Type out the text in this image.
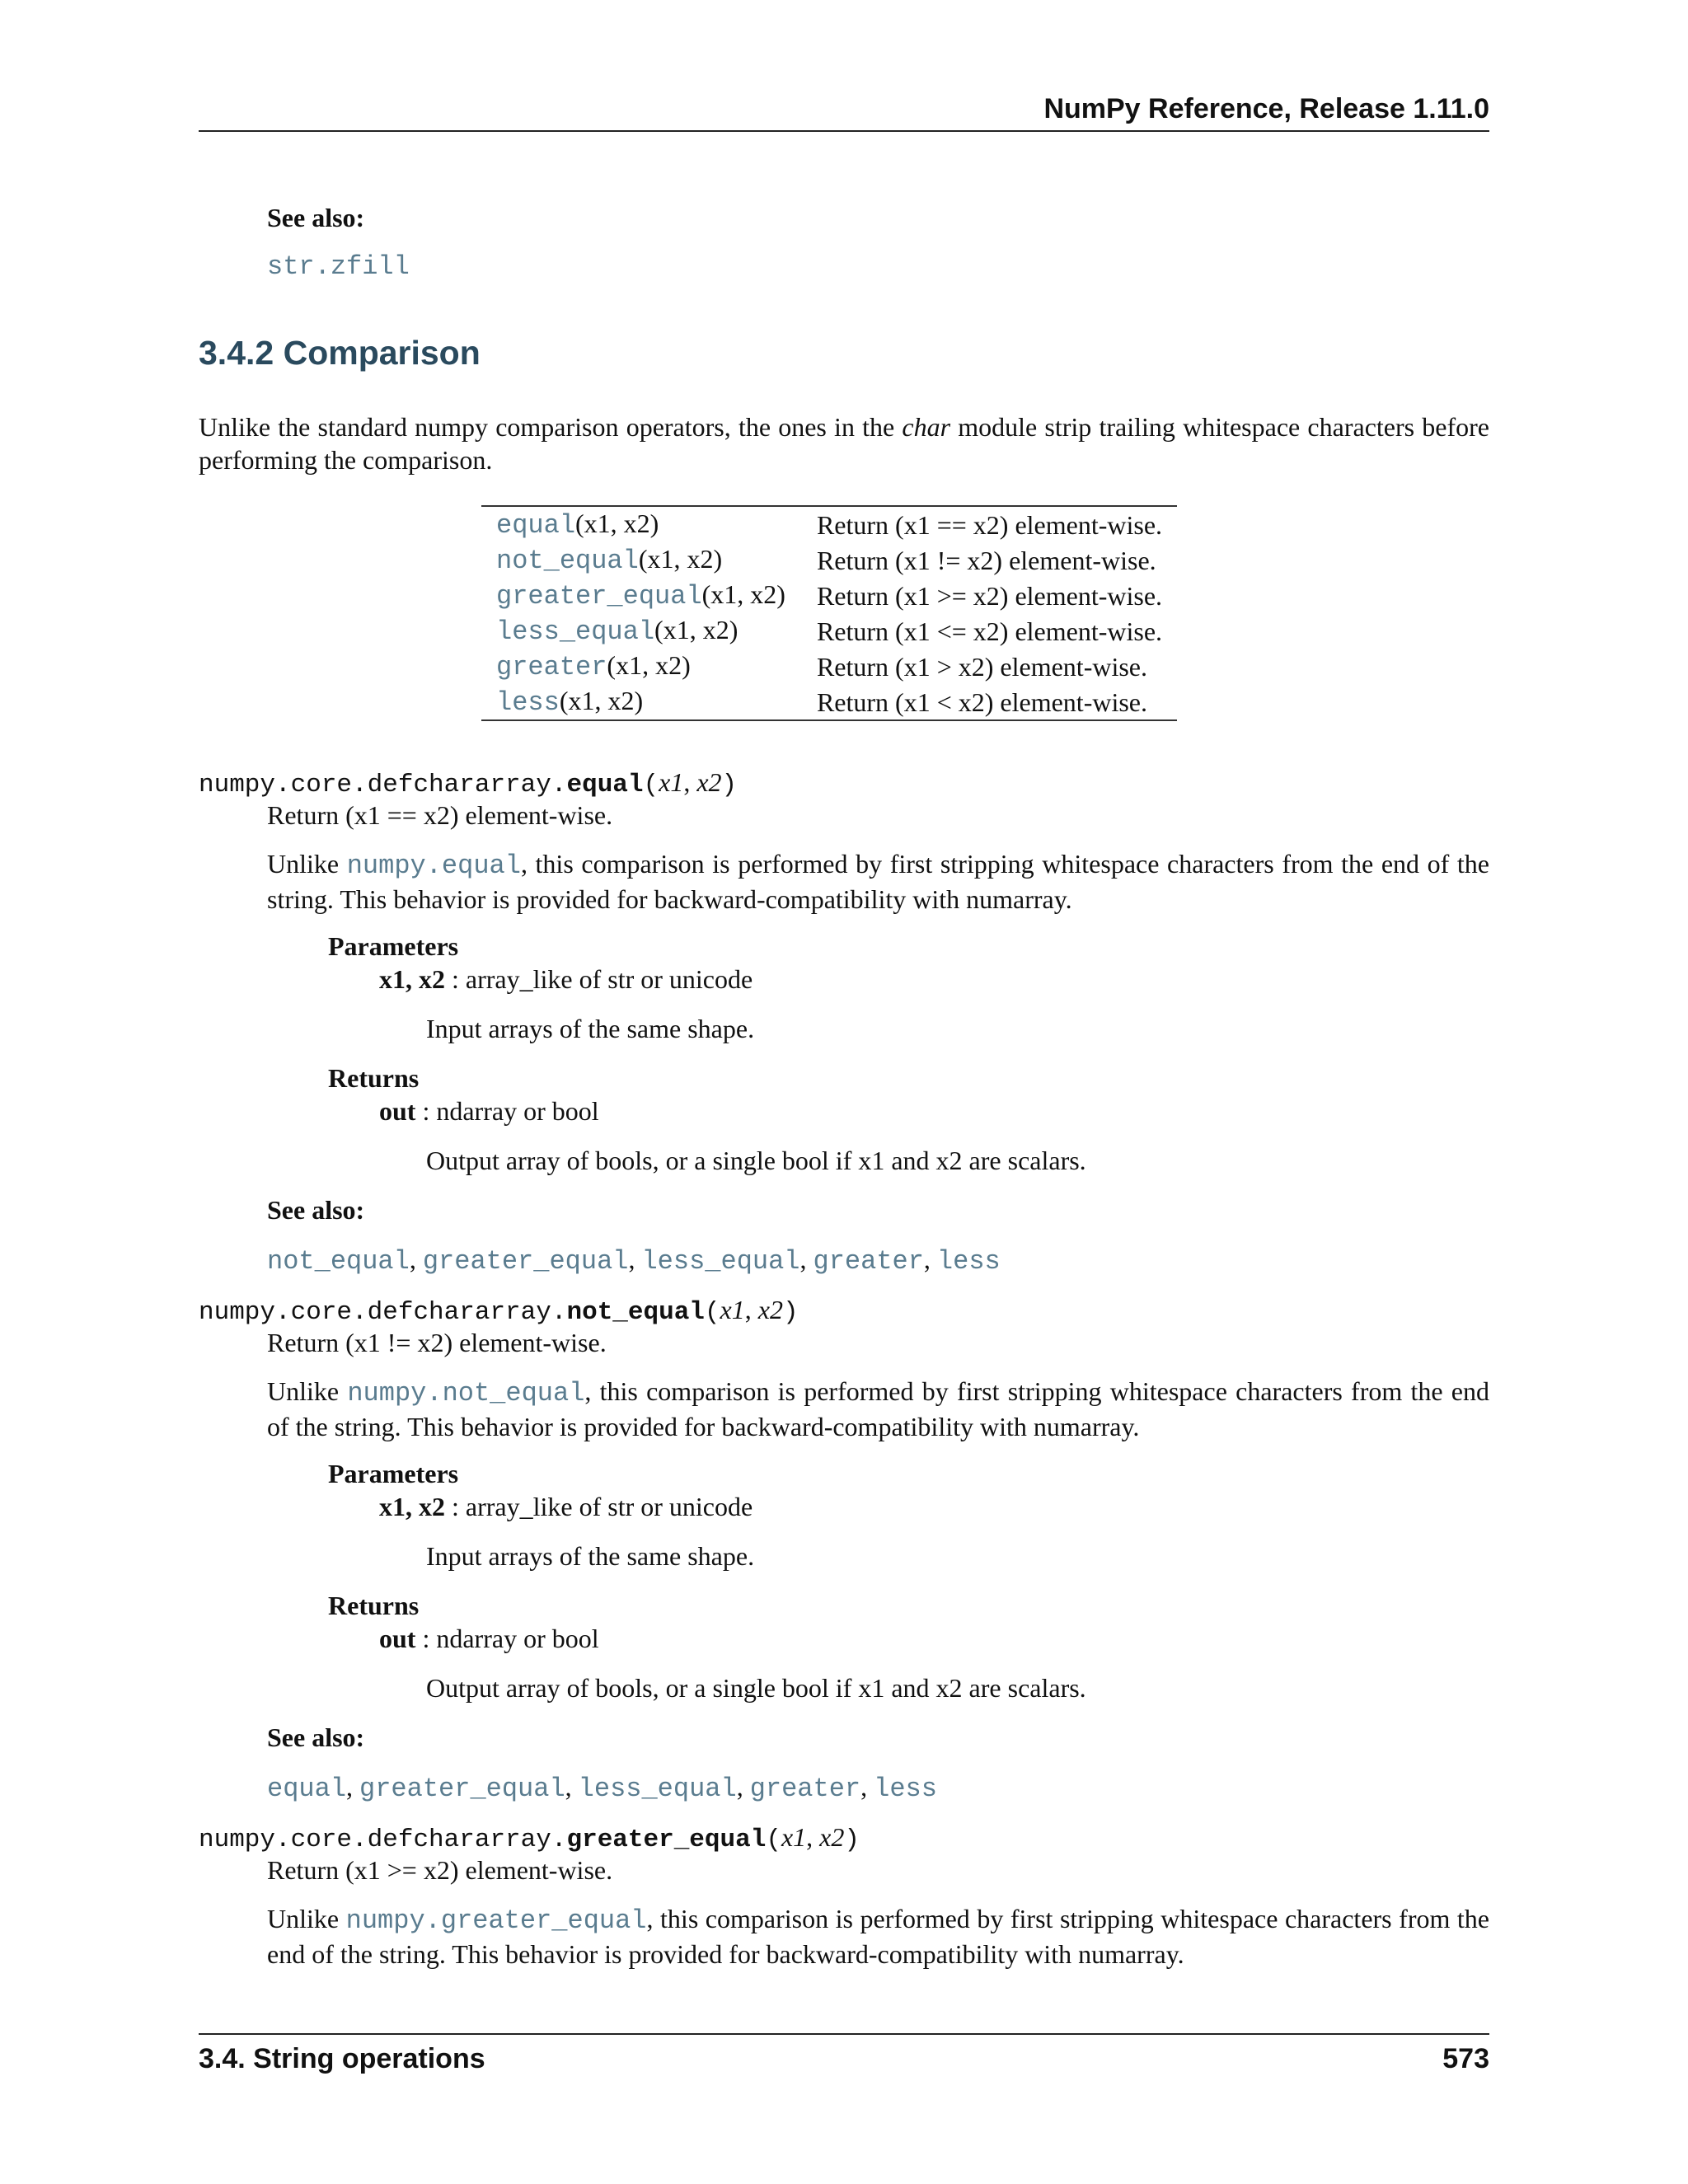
NumPy Reference, Release 1.11.0
See also:
str.zfill
3.4.2 Comparison
Unlike the standard numpy comparison operators, the ones in the char module strip trailing whitespace characters before performing the comparison.
equal(x1, x2)	Return (x1 == x2) element-wise.
not_equal(x1, x2)	Return (x1 != x2) element-wise.
greater_equal(x1, x2)	Return (x1 >= x2) element-wise.
less_equal(x1, x2)	Return (x1 <= x2) element-wise.
greater(x1, x2)	Return (x1 > x2) element-wise.
less(x1, x2)	Return (x1 < x2) element-wise.
numpy.core.defchararray.equal(x1, x2)
Return (x1 == x2) element-wise.
Unlike numpy.equal, this comparison is performed by first stripping whitespace characters from the end of the string. This behavior is provided for backward-compatibility with numarray.
Parameters
x1, x2 : array_like of str or unicode
Input arrays of the same shape.
Returns
out : ndarray or bool
Output array of bools, or a single bool if x1 and x2 are scalars.
See also:
not_equal, greater_equal, less_equal, greater, less
numpy.core.defchararray.not_equal(x1, x2)
Return (x1 != x2) element-wise.
Unlike numpy.not_equal, this comparison is performed by first stripping whitespace characters from the end of the string. This behavior is provided for backward-compatibility with numarray.
Parameters
x1, x2 : array_like of str or unicode
Input arrays of the same shape.
Returns
out : ndarray or bool
Output array of bools, or a single bool if x1 and x2 are scalars.
See also:
equal, greater_equal, less_equal, greater, less
numpy.core.defchararray.greater_equal(x1, x2)
Return (x1 >= x2) element-wise.
Unlike numpy.greater_equal, this comparison is performed by first stripping whitespace characters from the end of the string. This behavior is provided for backward-compatibility with numarray.
3.4. String operations	573
